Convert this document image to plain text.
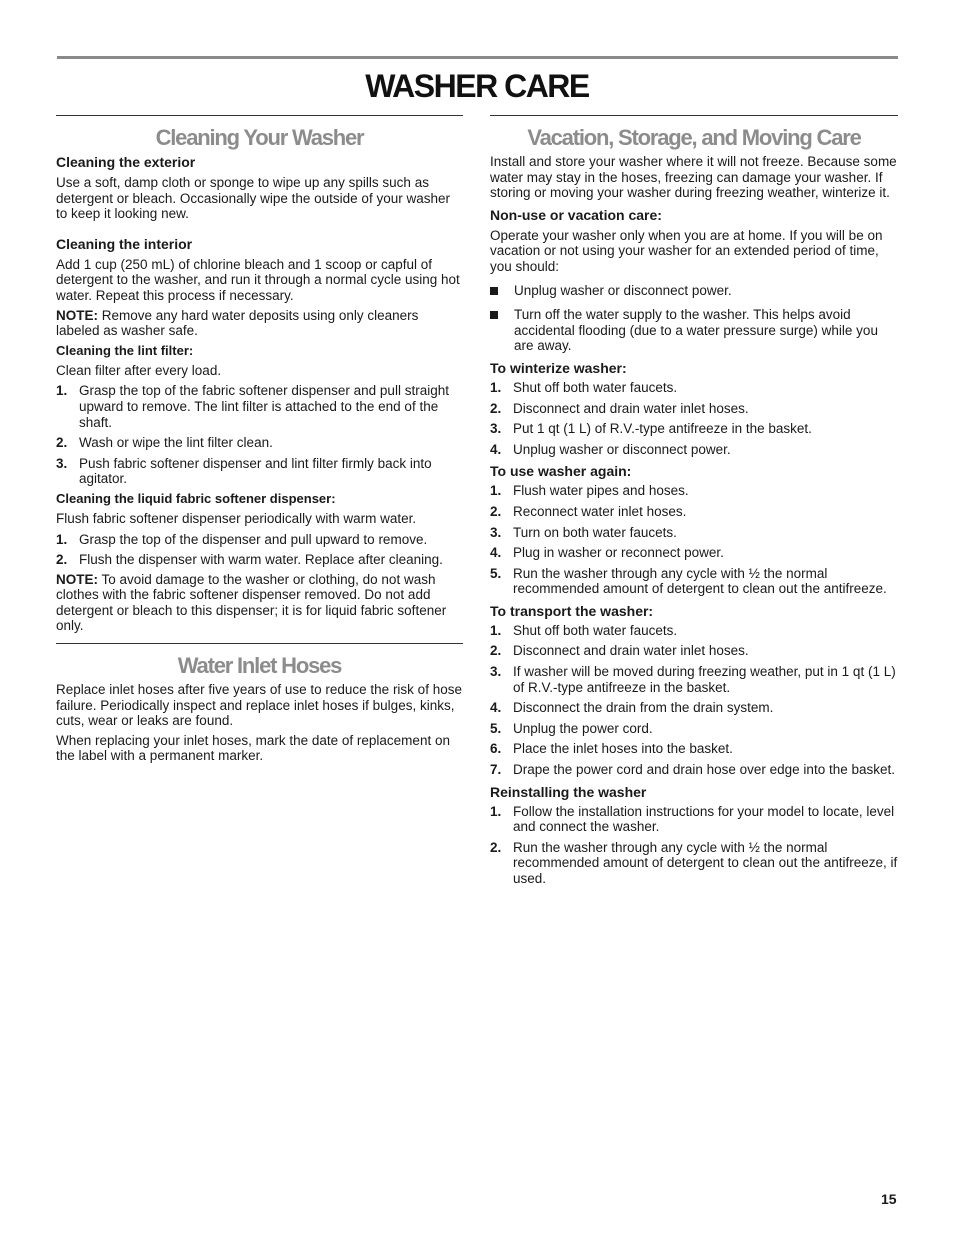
WASHER CARE
Cleaning Your Washer
Cleaning the exterior

Use a soft, damp cloth or sponge to wipe up any spills such as detergent or bleach. Occasionally wipe the outside of your washer to keep it looking new.

Cleaning the interior

Add 1 cup (250 mL) of chlorine bleach and 1 scoop or capful of detergent to the washer, and run it through a normal cycle using hot water. Repeat this process if necessary.

NOTE: Remove any hard water deposits using only cleaners labeled as washer safe.

Cleaning the lint filter:

Clean filter after every load.

1. Grasp the top of the fabric softener dispenser and pull straight upward to remove. The lint filter is attached to the end of the shaft.
2. Wash or wipe the lint filter clean.
3. Push fabric softener dispenser and lint filter firmly back into agitator.
Cleaning the liquid fabric softener dispenser:

Flush fabric softener dispenser periodically with warm water.

1. Grasp the top of the dispenser and pull upward to remove.
2. Flush the dispenser with warm water. Replace after cleaning.

NOTE: To avoid damage to the washer or clothing, do not wash clothes with the fabric softener dispenser removed. Do not add detergent or bleach to this dispenser; it is for liquid fabric softener only.

Water Inlet Hoses

Replace inlet hoses after five years of use to reduce the risk of hose failure. Periodically inspect and replace inlet hoses if bulges, kinks, cuts, wear or leaks are found.

When replacing your inlet hoses, mark the date of replacement on the label with a permanent marker.

Vacation, Storage, and Moving Care

Install and store your washer where it will not freeze. Because some water may stay in the hoses, freezing can damage your washer. If storing or moving your washer during freezing weather, winterize it.

Non-use or vacation care:

Operate your washer only when you are at home. If you will be on vacation or not using your washer for an extended period of time, you should:

Unplug washer or disconnect power.
Turn off the water supply to the washer. This helps avoid accidental flooding (due to a water pressure surge) while you are away.
To winterize washer:
1. Shut off both water faucets.
2. Disconnect and drain water inlet hoses.
3. Put 1 qt (1 L) of R.V.-type antifreeze in the basket.
4. Unplug washer or disconnect power.
To use washer again:
1. Flush water pipes and hoses.
2. Reconnect water inlet hoses.
3. Turn on both water faucets.
4. Plug in washer or reconnect power.
5. Run the washer through any cycle with ½ the normal recommended amount of detergent to clean out the antifreeze.
To transport the washer:
1. Shut off both water faucets.
2. Disconnect and drain water inlet hoses.
3. If washer will be moved during freezing weather, put in 1 qt (1 L) of R.V.-type antifreeze in the basket.
4. Disconnect the drain from the drain system.
5. Unplug the power cord.
6. Place the inlet hoses into the basket.
7. Drape the power cord and drain hose over edge into the basket.
Reinstalling the washer
1. Follow the installation instructions for your model to locate, level and connect the washer.
2. Run the washer through any cycle with ½ the normal recommended amount of detergent to clean out the antifreeze, if used.
15
